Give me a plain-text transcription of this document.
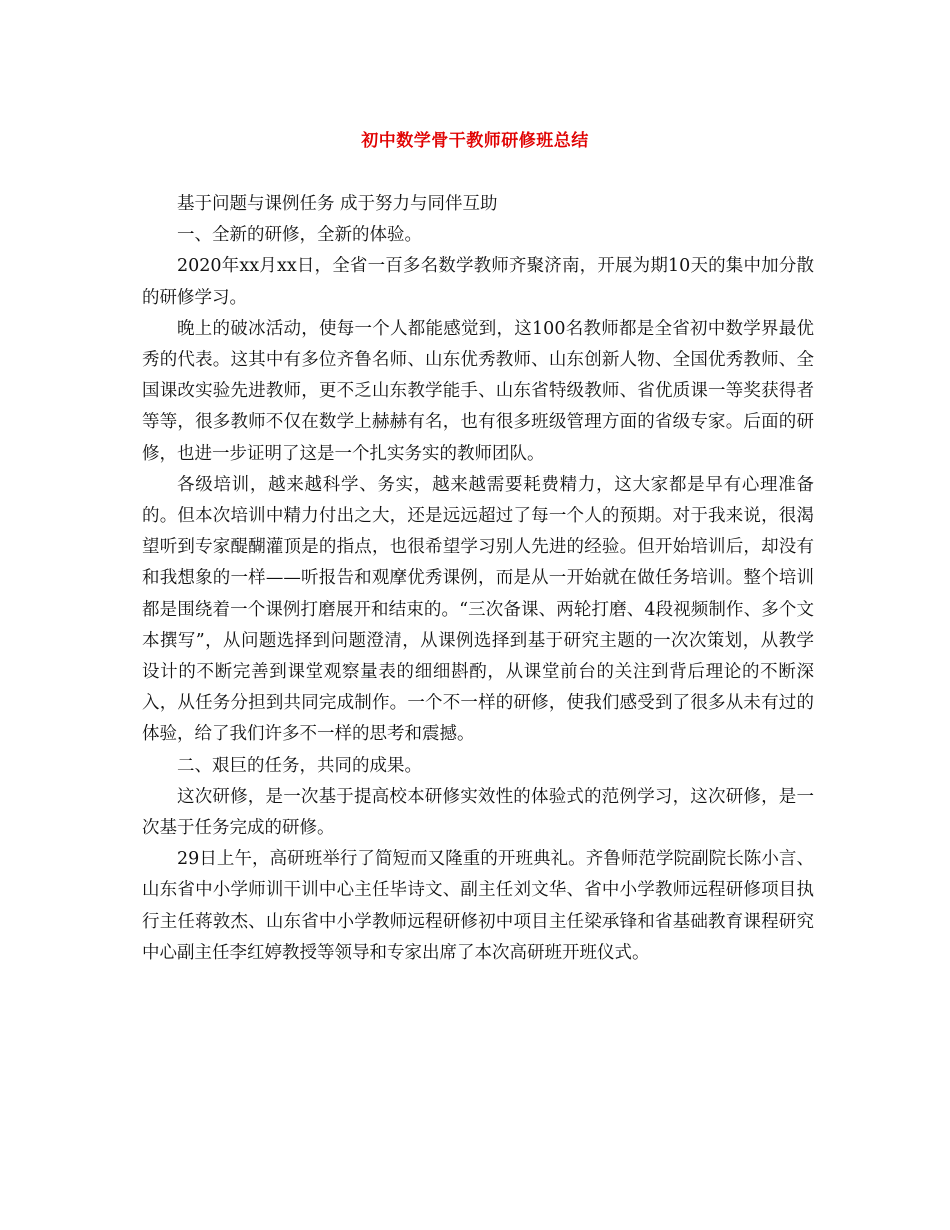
初中数学骨干教师研修班总结

基于问题与课例任务 成于努力与同伴互助

一、全新的研修，全新的体验。

2020年xx月xx日，全省一百多名数学教师齐聚济南，开展为期10天的集中加分散的研修学习。

晚上的破冰活动，使每一个人都能感觉到，这100名教师都是全省初中数学界最优秀的代表。这其中有多位齐鲁名师、山东优秀教师、山东创新人物、全国优秀教师、全国课改实验先进教师，更不乏山东教学能手、山东省特级教师、省优质课一等奖获得者等等，很多教师不仅在数学上赫赫有名，也有很多班级管理方面的省级专家。后面的研修，也进一步证明了这是一个扎实务实的教师团队。

各级培训，越来越科学、务实，越来越需要耗费精力，这大家都是早有心理准备的。但本次培训中精力付出之大，还是远远超过了每一个人的预期。对于我来说，很渴望听到专家醍醐灌顶是的指点，也很希望学习别人先进的经验。但开始培训后，却没有和我想象的一样——听报告和观摩优秀课例，而是从一开始就在做任务培训。整个培训都是围绕着一个课例打磨展开和结束的。“三次备课、两轮打磨、4段视频制作、多个文本撰写”，从问题选择到问题澄清，从课例选择到基于研究主题的一次次策划，从教学设计的不断完善到课堂观察量表的细细斟酌，从课堂前台的关注到背后理论的不断深入，从任务分担到共同完成制作。一个不一样的研修，使我们感受到了很多从未有过的体验，给了我们许多不一样的思考和震撼。

二、艰巨的任务，共同的成果。

这次研修，是一次基于提高校本研修实效性的体验式的范例学习，这次研修，是一次基于任务完成的研修。

29日上午，高研班举行了简短而又隆重的开班典礼。齐鲁师范学院副院长陈小言、山东省中小学师训干训中心主任毕诗文、副主任刘文华、省中小学教师远程研修项目执行主任蒋敦杰、山东省中小学教师远程研修初中项目主任梁承锋和省基础教育课程研究中心副主任李红婷教授等领导和专家出席了本次高研班开班仪式。
